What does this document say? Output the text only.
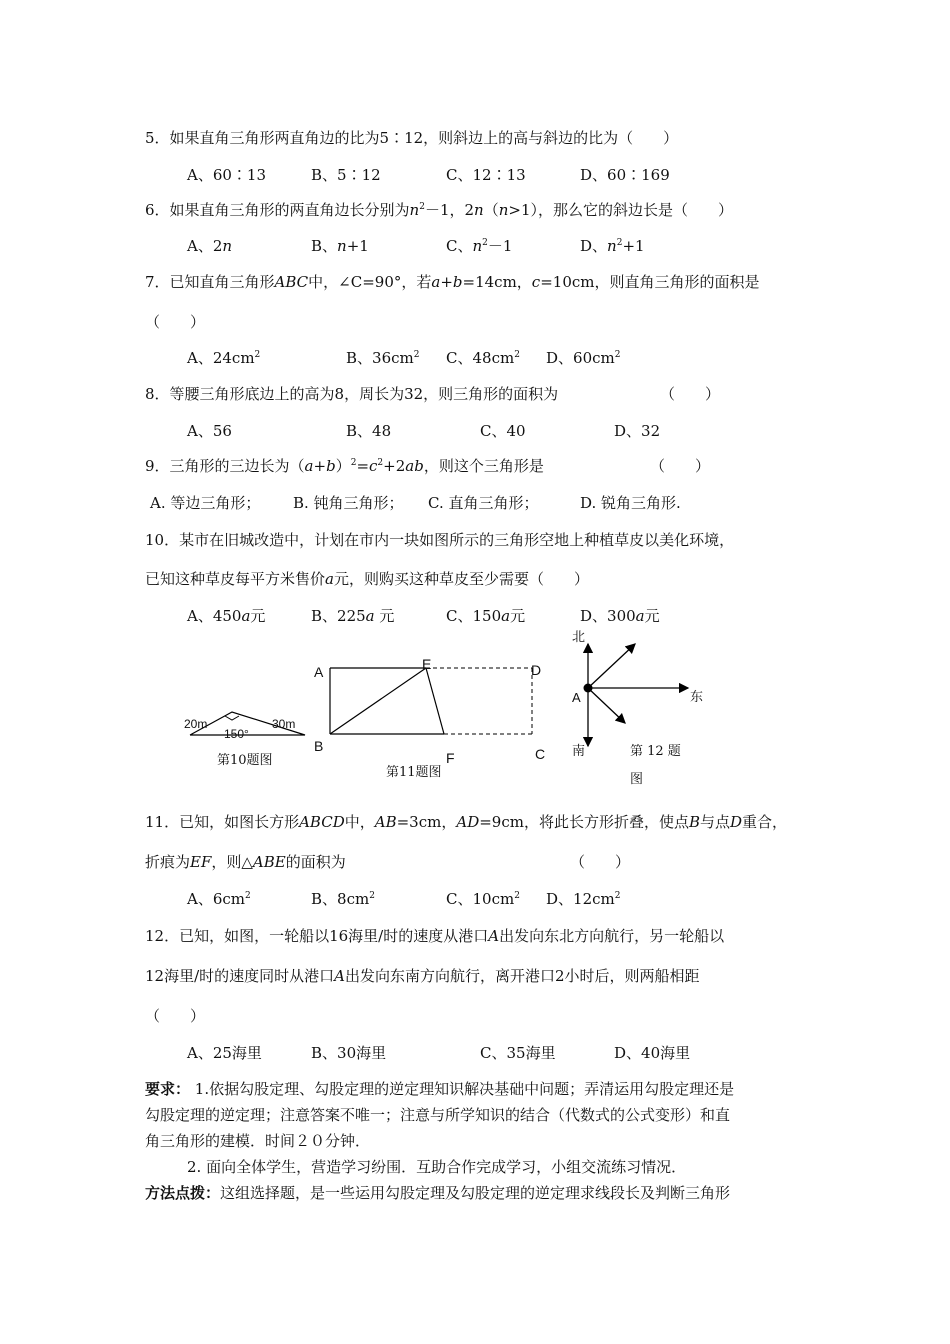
5．如果直角三角形两直角边的比为5∶12，则斜边上的高与斜边的比为（　　）
A、60∶13	B、5∶12	C、12∶13	D、60∶169
6．如果直角三角形的两直角边长分别为$n^2-1$，2n（n>1），那么它的斜边长是（　　）
A、2n	B、n+1	C、$n^2-1$	D、$n^2+1$
7．已知直角三角形ABC中，∠C=90°，若a+b=14cm，c=10cm，则直角三角形的面积是
（　　）
A、$24cm^2$	B、$36cm^2$ C、$48cm^2$ D、$60cm^2$
8．等腰三角形底边上的高为8，周长为32，则三角形的面积为	（　　）
A、56	B、48	C、40	D、32
9．三角形的三边长为$(a+b)^2=c^2+2ab$，则这个三角形是	（　　）
A. 等边三角形； B. 钝角三角形； C. 直角三角形；	D. 锐角三角形.
10．某市在旧城改造中，计划在市内一块如图所示的三角形空地上种植草皮以美化环境，
已知这种草皮每平方米售价a元，则购买这种草皮至少需要（　　）
A、450a元	B、225a 元	C、150a元	D、300a元
20m	30m
150°
第10题图
A
B
E	D
F	C
第11题图
北
A	东
南	第 12 题
图
11．已知，如图长方形ABCD中，AB=3cm，AD=9cm，将此长方形折叠，使点B与点D重合，
折痕为EF，则△ABE的面积为	（　　）
A、$6cm^2$	B、$8cm^2$	C、$10cm^2$ D、$12cm^2$
12．已知，如图，一轮船以16海里/时的速度从港口A出发向东北方向航行，另一轮船以
12海里/时的速度同时从港口A出发向东南方向航行，离开港口2小时后，则两船相距
（　　）
A、25海里	B、30海里	C、35海里	D、40海里
要求： 1.依据勾股定理、勾股定理的逆定理知识解决基础中问题；弄清运用勾股定理还是
勾股定理的逆定理；注意答案不唯一；注意与所学知识的结合（代数式的公式变形）和直
角三角形的建模．时间２０分钟．
2. 面向全体学生，营造学习纷围．互助合作完成学习，小组交流练习情况．
方法点拨：这组选择题，是一些运用勾股定理及勾股定理的逆定理求线段长及判断三角形
